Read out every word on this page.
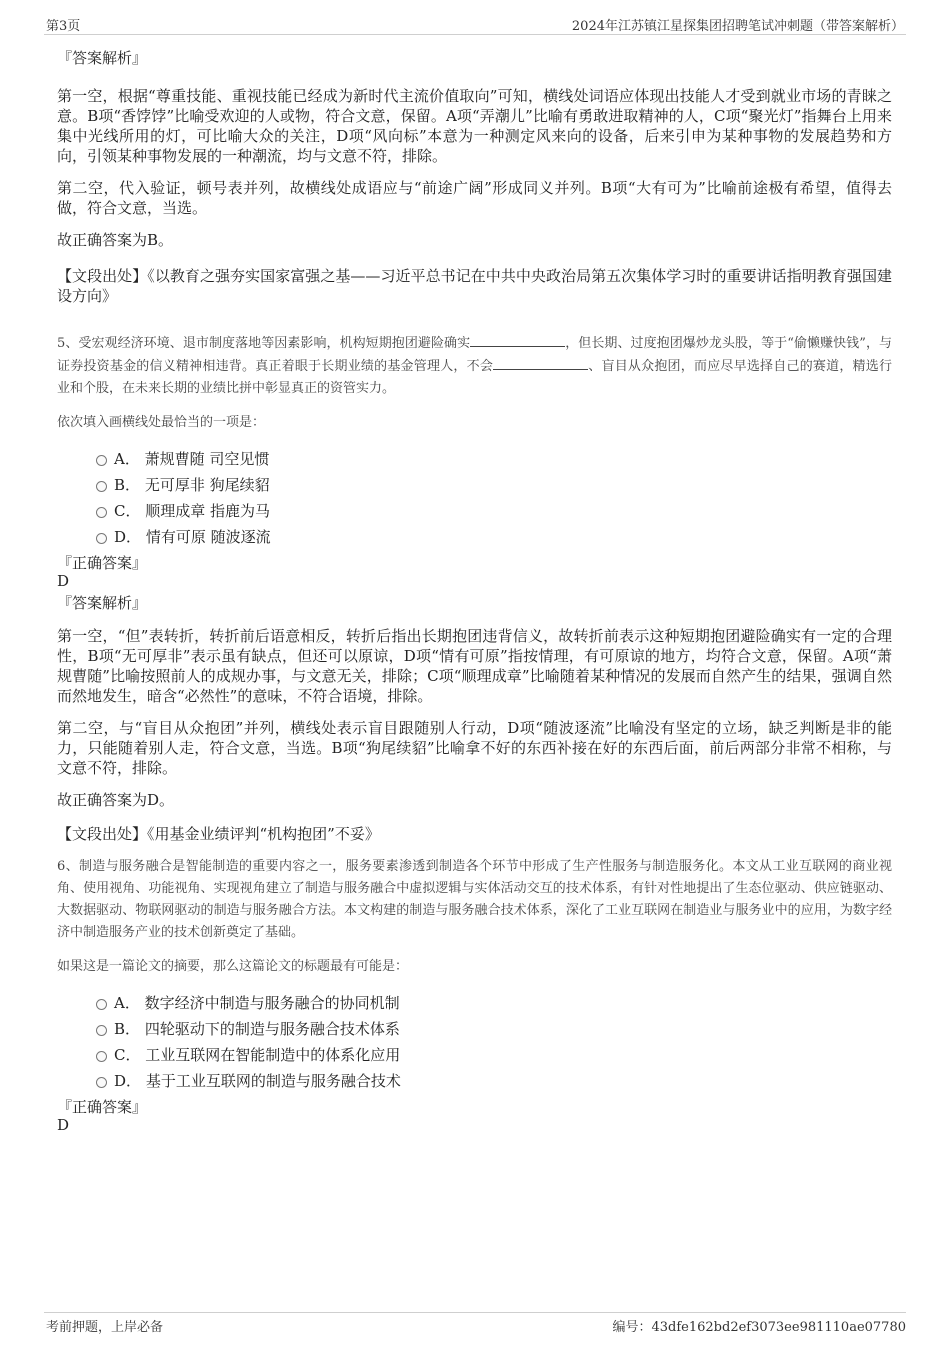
第3页	2024年江苏镇江星探集团招聘笔试冲刺题（带答案解析）

『答案解析』

第一空，根据“尊重技能、重视技能已经成为新时代主流价值取向”可知，横线处词语应体现出技能人才受到就业市场的青睐之意。B项“香饽饽”比喻受欢迎的人或物，符合文意，保留。A项“弄潮儿”比喻有勇敢进取精神的人，C项“聚光灯”指舞台上用来集中光线所用的灯，可比喻大众的关注，D项“风向标”本意为一种测定风来向的设备，后来引申为某种事物的发展趋势和方向，引领某种事物发展的一种潮流，均与文意不符，排除。

第二空，代入验证，顿号表并列，故横线处成语应与“前途广阔”形成同义并列。B项“大有可为”比喻前途极有希望，值得去做，符合文意，当选。

故正确答案为B。

【文段出处】《以教育之强夯实国家富强之基——习近平总书记在中共中央政治局第五次集体学习时的重要讲话指明教育强国建设方向》

5、受宏观经济环境、退市制度落地等因素影响，机构短期抱团避险确实	，但长期、过度抱团爆炒龙头股，等于“偷懒赚快钱”，与证券投资基金的信义精神相违背。真正着眼于长期业绩的基金管理人，不会	、盲目从众抱团，而应尽早选择自己的赛道，精选行业和个股，在未来长期的业绩比拼中彰显真正的资管实力。

依次填入画横线处最恰当的一项是：

A． 萧规曹随 司空见惯
B． 无可厚非 狗尾续貂
C． 顺理成章 指鹿为马
D． 情有可原 随波逐流

『正确答案』

D

『答案解析』

第一空，“但”表转折，转折前后语意相反，转折后指出长期抱团违背信义，故转折前表示这种短期抱团避险确实有一定的合理性，B项“无可厚非”表示虽有缺点，但还可以原谅，D项“情有可原”指按情理，有可原谅的地方，均符合文意，保留。A项“萧规曹随”比喻按照前人的成规办事，与文意无关，排除；C项“顺理成章”比喻随着某种情况的发展而自然产生的结果，强调自然而然地发生，暗含“必然性”的意味，不符合语境，排除。

第二空，与“盲目从众抱团”并列，横线处表示盲目跟随别人行动，D项“随波逐流”比喻没有坚定的立场，缺乏判断是非的能力，只能随着别人走，符合文意，当选。B项“狗尾续貂”比喻拿不好的东西补接在好的东西后面，前后两部分非常不相称，与文意不符，排除。

故正确答案为D。

【文段出处】《用基金业绩评判“机构抱团”不妥》

6、制造与服务融合是智能制造的重要内容之一，服务要素渗透到制造各个环节中形成了生产性服务与制造服务化。本文从工业互联网的商业视角、使用视角、功能视角、实现视角建立了制造与服务融合中虚拟逻辑与实体活动交互的技术体系，有针对性地提出了生态位驱动、供应链驱动、大数据驱动、物联网驱动的制造与服务融合方法。本文构建的制造与服务融合技术体系，深化了工业互联网在制造业与服务业中的应用，为数字经济中制造服务产业的技术创新奠定了基础。

如果这是一篇论文的摘要，那么这篇论文的标题最有可能是：

A． 数字经济中制造与服务融合的协同机制
B． 四轮驱动下的制造与服务融合技术体系
C． 工业互联网在智能制造中的体系化应用
D． 基于工业互联网的制造与服务融合技术

『正确答案』

D

考前押题，上岸必备	编号：43dfe162bd2ef3073ee981110ae07780
